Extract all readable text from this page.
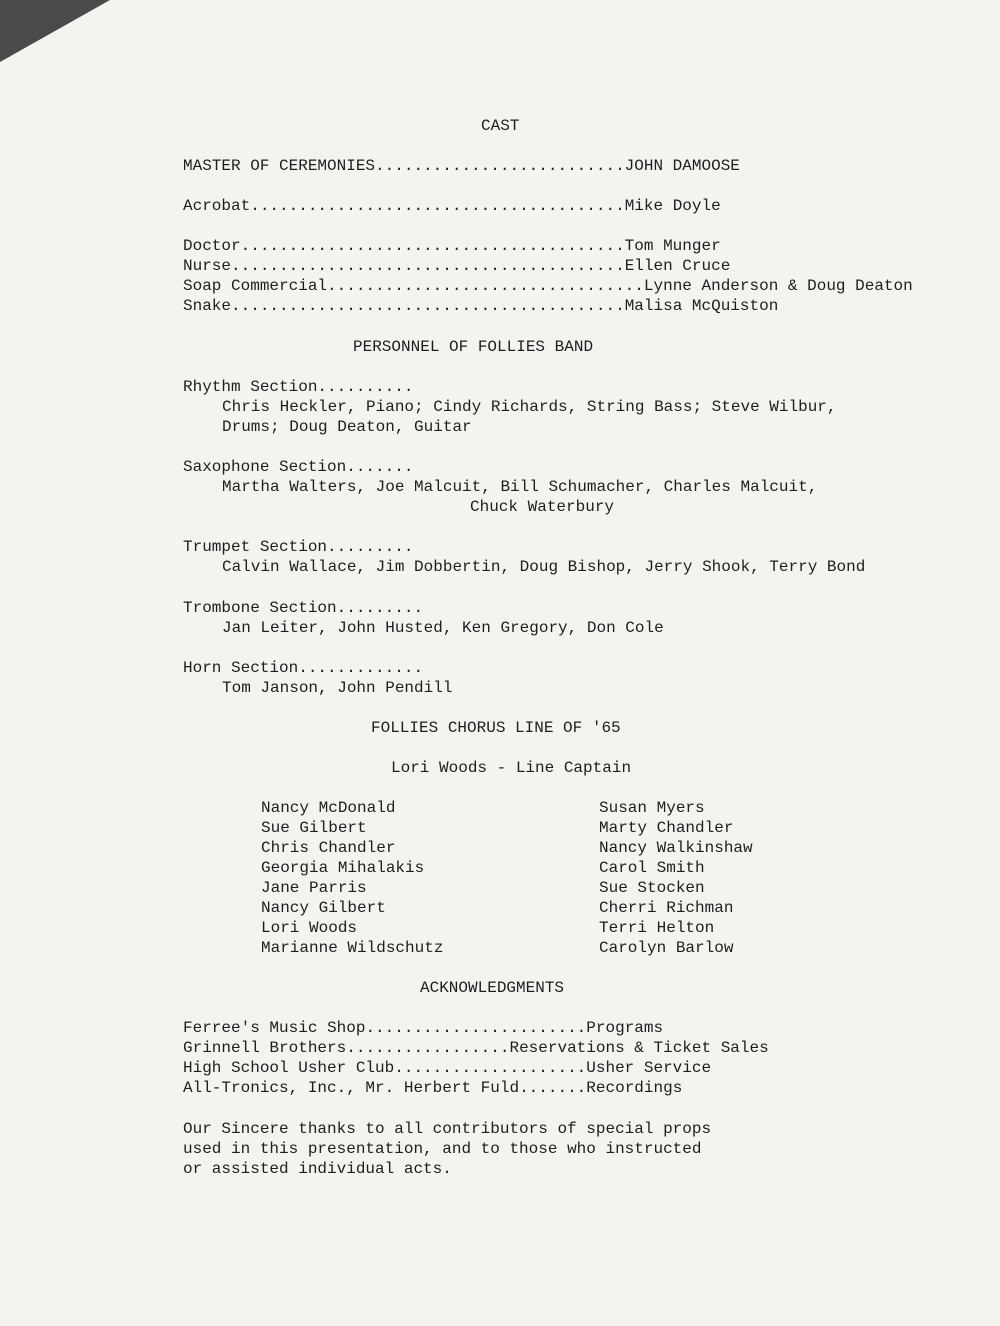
CAST
MASTER OF CEREMONIES..........................JOHN DAMOOSE
Acrobat.......................................Mike Doyle
Doctor........................................Tom Munger
Nurse.........................................Ellen Cruce
Soap Commercial.................................Lynne Anderson & Doug Deaton
Snake.........................................Malisa McQuiston
PERSONNEL OF FOLLIES BAND
Rhythm Section..........
Chris Heckler, Piano; Cindy Richards, String Bass; Steve Wilbur,
Drums; Doug Deaton, Guitar
Saxophone Section.......
Martha Walters, Joe Malcuit, Bill Schumacher, Charles Malcuit,
Chuck Waterbury
Trumpet Section.........
Calvin Wallace, Jim Dobbertin, Doug Bishop, Jerry Shook, Terry Bond
Trombone Section.........
Jan Leiter, John Husted, Ken Gregory, Don Cole
Horn Section.............
Tom Janson, John Pendill
FOLLIES CHORUS LINE OF '65
Lori Woods - Line Captain
Nancy McDonald
Sue Gilbert
Chris Chandler
Georgia Mihalakis
Jane Parris
Nancy Gilbert
Lori Woods
Marianne Wildschutz
Susan Myers
Marty Chandler
Nancy Walkinshaw
Carol Smith
Sue Stocken
Cherri Richman
Terri Helton
Carolyn Barlow
ACKNOWLEDGMENTS
Ferree's Music Shop.......................Programs
Grinnell Brothers.................Reservations & Ticket Sales
High School Usher Club....................Usher Service
All-Tronics, Inc., Mr. Herbert Fuld.......Recordings
Our Sincere thanks to all contributors of special props
used in this presentation, and to those who instructed
or assisted individual acts.
